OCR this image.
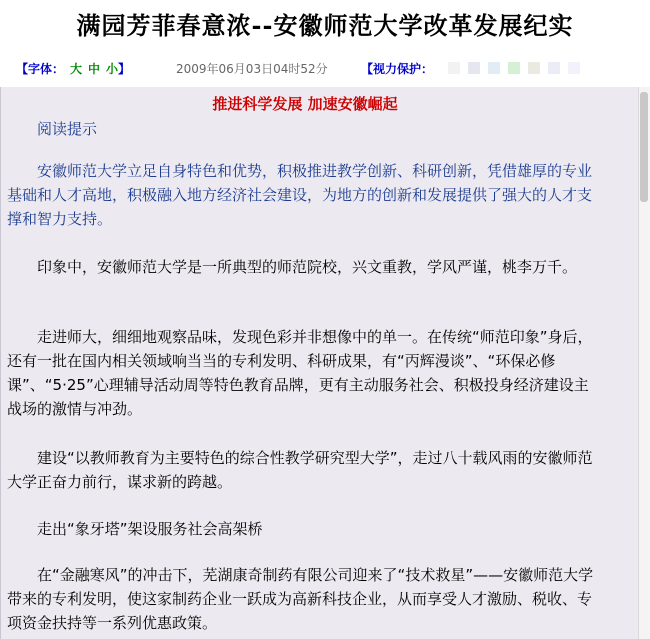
满园芳菲春意浓--安徽师范大学改革发展纪实
【字体： 大 中 小】	2009年06月03日04时52分	【视力保护：
推进科学发展 加速安徽崛起
阅读提示
安徽师范大学立足自身特色和优势，积极推进教学创新、科研创新，凭借雄厚的专业基础和人才高地，积极融入地方经济社会建设，为地方的创新和发展提供了强大的人才支撑和智力支持。
印象中，安徽师范大学是一所典型的师范院校，兴文重教，学风严谨，桃李万千。
走进师大，细细地观察品味，发现色彩并非想像中的单一。在传统“师范印象”身后，还有一批在国内相关领域响当当的专利发明、科研成果，有“丙辉漫谈”、“环保必修课”、“5·25”心理辅导活动周等特色教育品牌，更有主动服务社会、积极投身经济建设主战场的激情与冲劲。
建设“以教师教育为主要特色的综合性教学研究型大学”，走过八十载风雨的安徽师范大学正奋力前行，谋求新的跨越。
走出“象牙塔”架设服务社会高架桥
在“金融寒风”的冲击下，芜湖康奇制药有限公司迎来了“技术救星”——安徽师范大学带来的专利发明，使这家制药企业一跃成为高新科技企业，从而享受人才激励、税收、专项资金扶持等一系列优惠政策。
